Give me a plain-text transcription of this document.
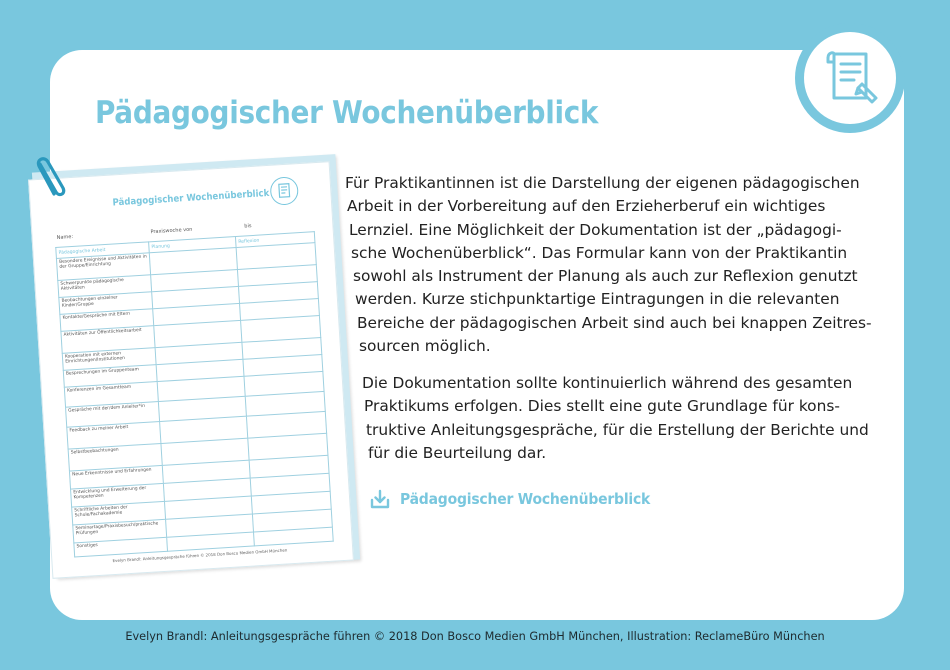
Pädagogischer Wochenüberblick
Pädagogischer Wochenüberblick
Name:
Praxiswoche von
bis
Pädagogische Arbeit	Planung	Reflexion
Besondere Ereignisse und Aktivitäten in der Gruppe/Einrichtung		
Schwerpunkte pädagogische Aktivitäten		
Beobachtungen einzelner Kinder/Gruppe		
Kontakte/Gespräche mit Eltern		
Aktivitäten zur Öffentlichkeitsarbeit		
Kooperation mit externen Einrichtungen/Institutionen		
Besprechungen im Gruppenteam		
Konferenzen im Gesamtteam		
Gespräche mit der/dem Anleiter*in		
Feedback zu meiner Arbeit		
Selbstbeobachtungen		
Neue Erkenntnisse und Erfahrungen		
Entwicklung und Erweiterung der Kompetenzen		
Schriftliche Arbeiten der Schule/Fachakademie		
Seminartage/Praxisbesuch/praktische Prüfungen		
Sonstiges		
Evelyn Brandl: Anleitungsgespräche führen © 2018 Don Bosco Medien GmbH München
Für Praktikantinnen ist die Darstellung der eigenen pädagogischen
Arbeit in der Vorbereitung auf den Erzieherberuf ein wichtiges
Lernziel. Eine Möglichkeit der Dokumentation ist der „pädagogi-
sche Wochenüberblick“. Das Formular kann von der Praktikantin
sowohl als Instrument der Planung als auch zur Reflexion genutzt
werden. Kurze stichpunktartige Eintragungen in die relevanten
Bereiche der pädagogischen Arbeit sind auch bei knappen Zeitres-
sourcen möglich.
Die Dokumentation sollte kontinuierlich während des gesamten
Praktikums erfolgen. Dies stellt eine gute Grundlage für kons-
truktive Anleitungsgespräche, für die Erstellung der Berichte und
für die Beurteilung dar.
Pädagogischer Wochenüberblick
Evelyn Brandl: Anleitungsgespräche führen © 2018 Don Bosco Medien GmbH München, Illustration: ReclameBüro München
